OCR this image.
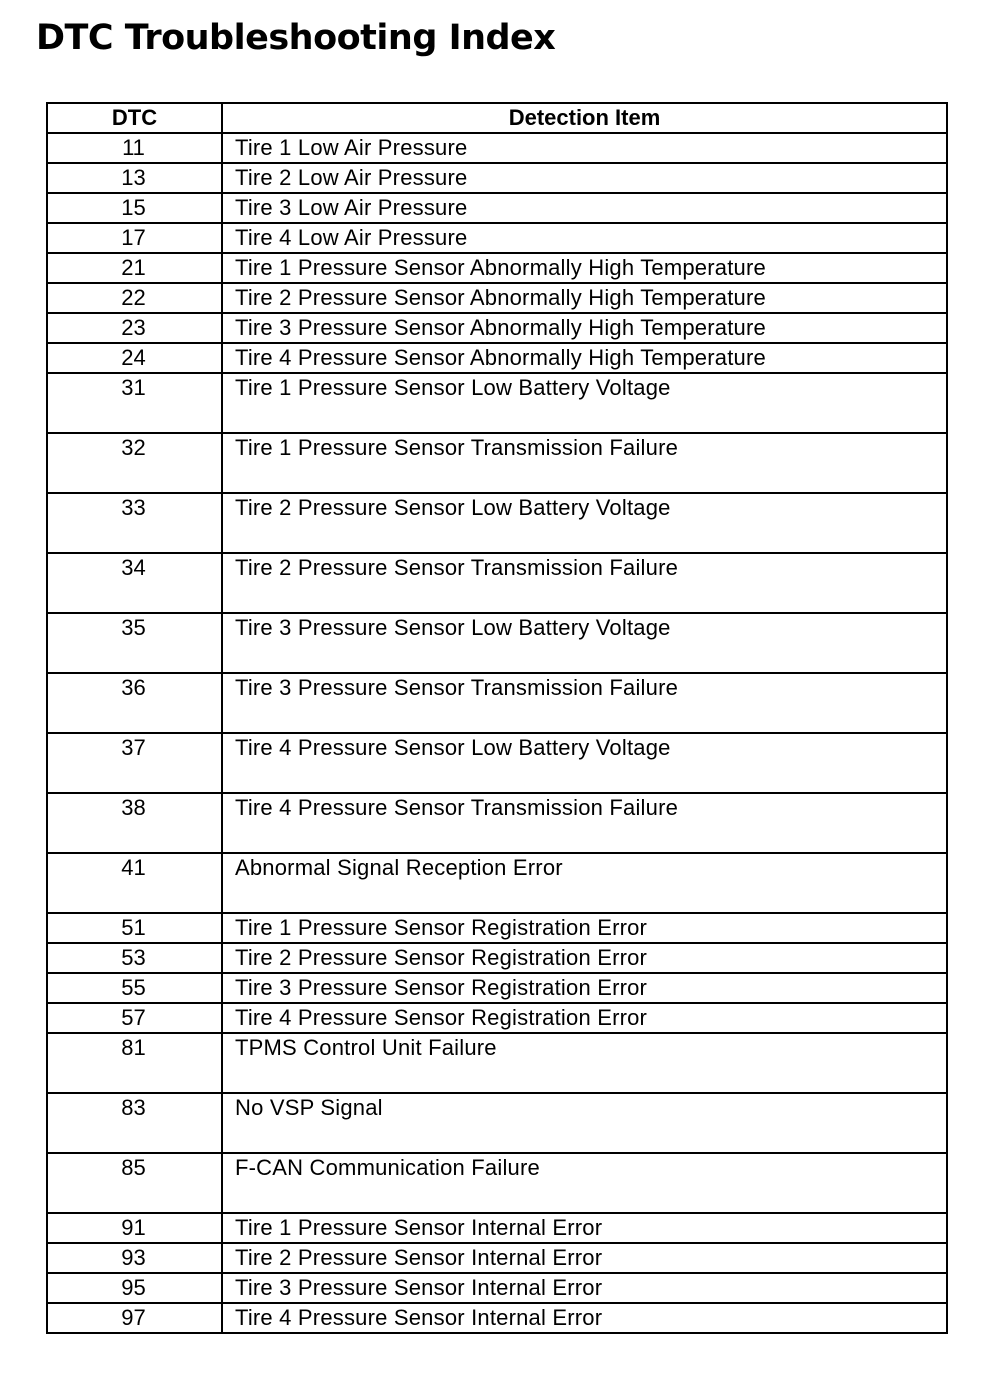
DTC Troubleshooting Index
DTC	Detection Item
11	Tire 1 Low Air Pressure
13	Tire 2 Low Air Pressure
15	Tire 3 Low Air Pressure
17	Tire 4 Low Air Pressure
21	Tire 1 Pressure Sensor Abnormally High Temperature
22	Tire 2 Pressure Sensor Abnormally High Temperature
23	Tire 3 Pressure Sensor Abnormally High Temperature
24	Tire 4 Pressure Sensor Abnormally High Temperature
31	Tire 1 Pressure Sensor Low Battery Voltage
32	Tire 1 Pressure Sensor Transmission Failure
33	Tire 2 Pressure Sensor Low Battery Voltage
34	Tire 2 Pressure Sensor Transmission Failure
35	Tire 3 Pressure Sensor Low Battery Voltage
36	Tire 3 Pressure Sensor Transmission Failure
37	Tire 4 Pressure Sensor Low Battery Voltage
38	Tire 4 Pressure Sensor Transmission Failure
41	Abnormal Signal Reception Error
51	Tire 1 Pressure Sensor Registration Error
53	Tire 2 Pressure Sensor Registration Error
55	Tire 3 Pressure Sensor Registration Error
57	Tire 4 Pressure Sensor Registration Error
81	TPMS Control Unit Failure
83	No VSP Signal
85	F-CAN Communication Failure
91	Tire 1 Pressure Sensor Internal Error
93	Tire 2 Pressure Sensor Internal Error
95	Tire 3 Pressure Sensor Internal Error
97	Tire 4 Pressure Sensor Internal Error
